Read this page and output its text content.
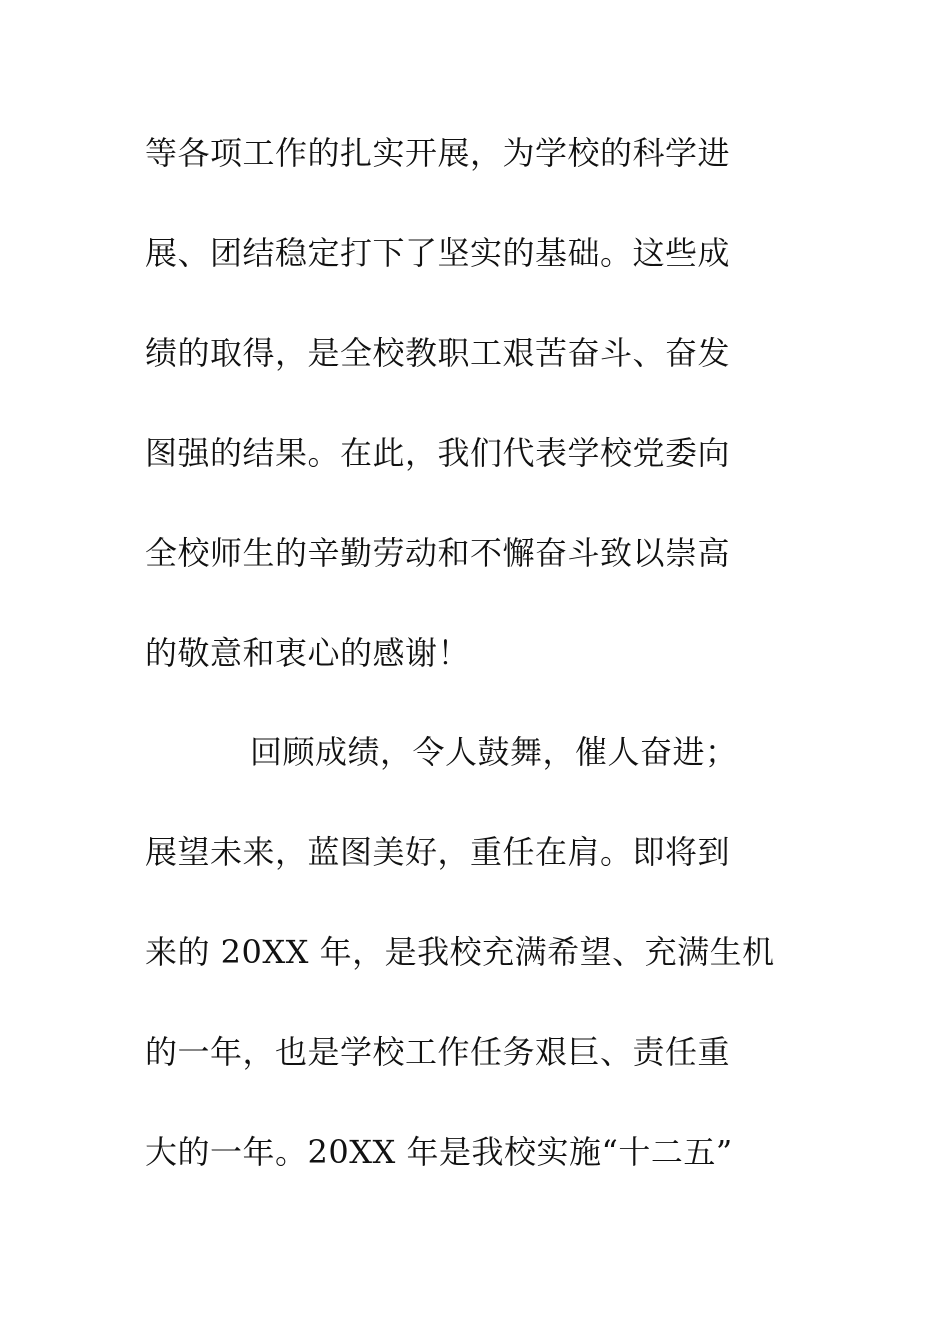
等各项工作的扎实开展，为学校的科学进
展、团结稳定打下了坚实的基础。这些成
绩的取得，是全校教职工艰苦奋斗、奋发
图强的结果。在此，我们代表学校党委向
全校师生的辛勤劳动和不懈奋斗致以崇高
的敬意和衷心的感谢！
回顾成绩，令人鼓舞，催人奋进；
展望未来，蓝图美好，重任在肩。即将到
来的 20XX 年，是我校充满希望、充满生机
的一年，也是学校工作任务艰巨、责任重
大的一年。20XX 年是我校实施“十二五”
